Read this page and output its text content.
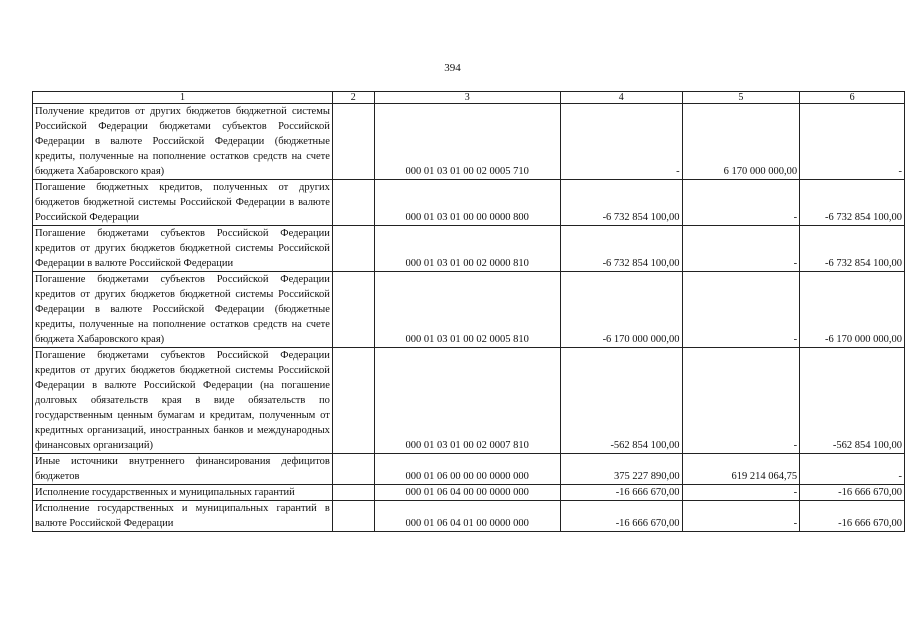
394
1	2	3	4	5	6
Получение кредитов от других бюджетов бюджетной системы Российской Федерации бюджетами субъектов Российской Федерации в валюте Российской Федерации (бюджетные кредиты, полученные на пополнение остатков средств на счете бюджета Хабаровского края)		000 01 03 01 00 02 0005 710	-	6 170 000 000,00	-
Погашение бюджетных кредитов, полученных от других бюджетов бюджетной системы Российской Федерации в валюте Российской Федерации		000 01 03 01 00 00 0000 800	-6 732 854 100,00	-	-6 732 854 100,00
Погашение бюджетами субъектов Российской Федерации кредитов от других бюджетов бюджетной системы Российской Федерации в валюте Российской Федерации		000 01 03 01 00 02 0000 810	-6 732 854 100,00	-	-6 732 854 100,00
Погашение бюджетами субъектов Российской Федерации кредитов от других бюджетов бюджетной системы Российской Федерации в валюте Российской Федерации (бюджетные кредиты, полученные на пополнение остатков средств на счете бюджета Хабаровского края)		000 01 03 01 00 02 0005 810	-6 170 000 000,00	-	-6 170 000 000,00
Погашение бюджетами субъектов Российской Федерации кредитов от других бюджетов бюджетной системы Российской Федерации в валюте Российской Федерации (на погашение долговых обязательств края в виде обязательств по государственным ценным бумагам и кредитам, полученным от кредитных организаций, иностранных банков и международных финансовых организаций)		000 01 03 01 00 02 0007 810	-562 854 100,00	-	-562 854 100,00
Иные источники внутреннего финансирования дефицитов бюджетов		000 01 06 00 00 00 0000 000	375 227 890,00	619 214 064,75	-
Исполнение государственных и муниципальных гарантий		000 01 06 04 00 00 0000 000	-16 666 670,00	-	-16 666 670,00
Исполнение государственных и муниципальных гарантий в валюте Российской Федерации		000 01 06 04 01 00 0000 000	-16 666 670,00	-	-16 666 670,00
